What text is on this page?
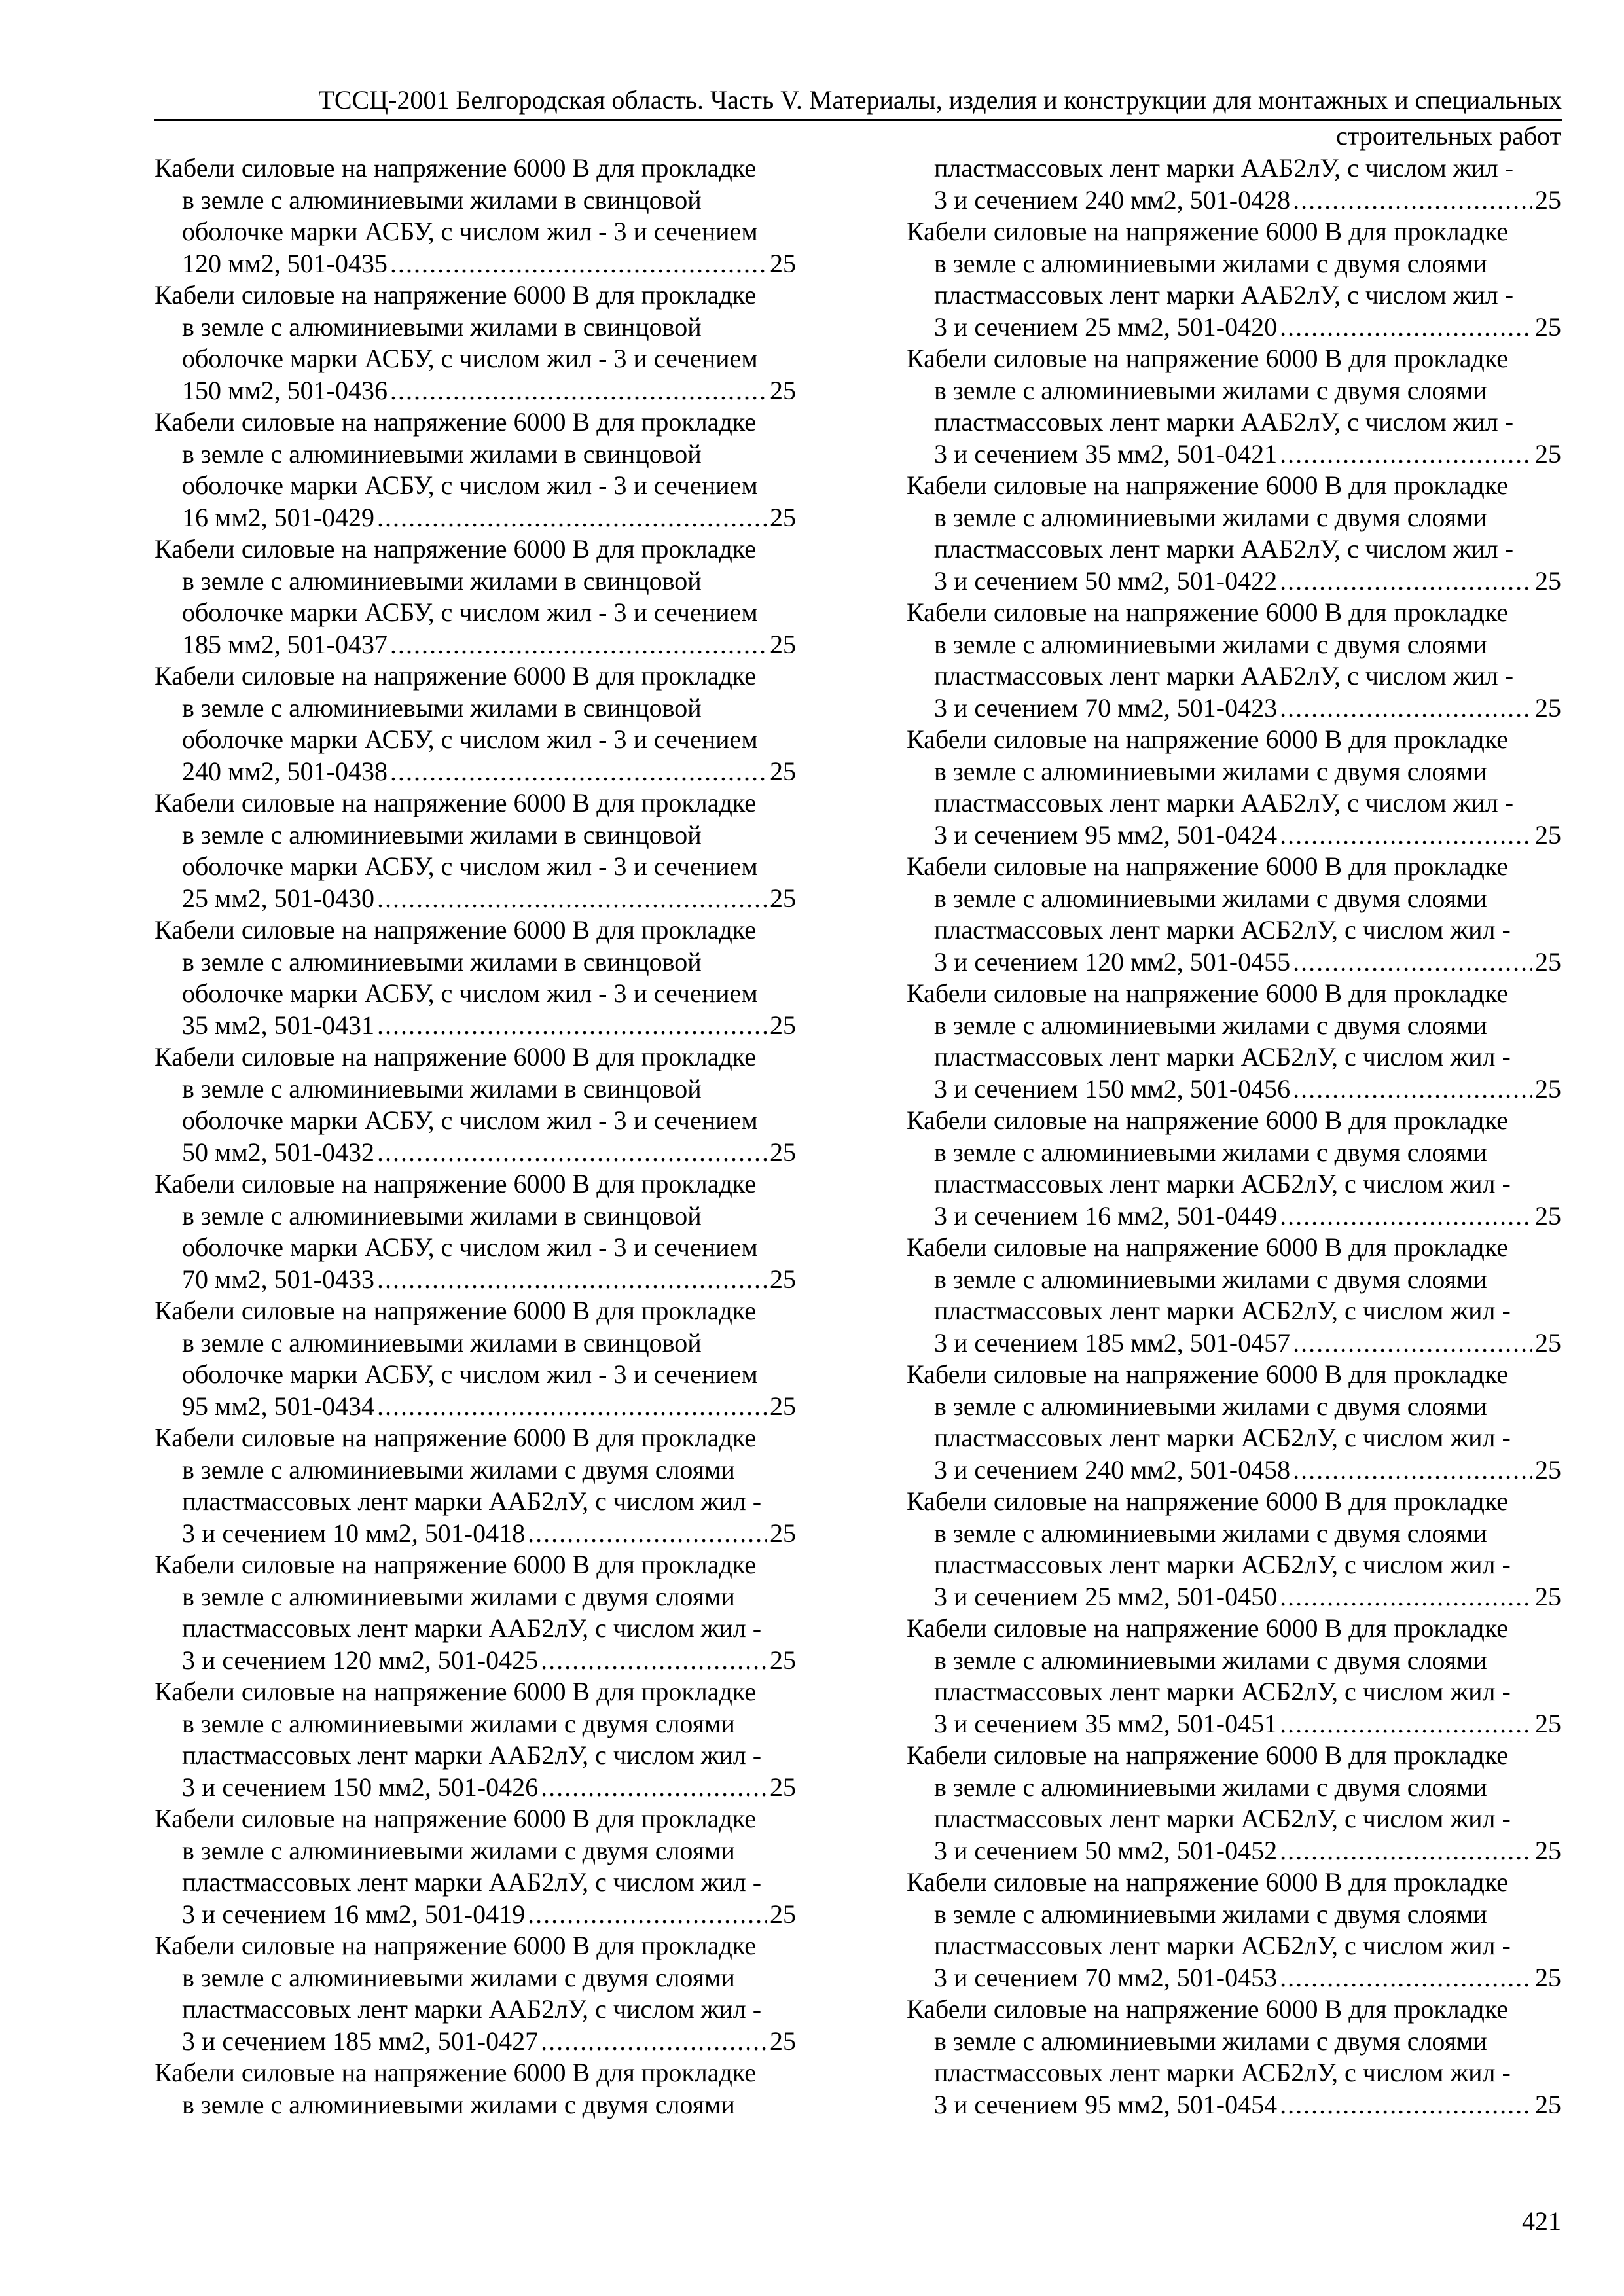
ТССЦ-2001 Белгородская область. Часть V. Материалы, изделия и конструкции для монтажных и специальных
строительных работ
Кабели силовые на напряжение 6000 В для прокладке
в земле с алюминиевыми жилами в свинцовой
оболочке марки АСБУ, с числом жил - 3 и сечением
120 мм2, 501-0435 .....	25
Кабели силовые на напряжение 6000 В для прокладке
в земле с алюминиевыми жилами в свинцовой
оболочке марки АСБУ, с числом жил - 3 и сечением
150 мм2, 501-0436 .....	25
Кабели силовые на напряжение 6000 В для прокладке
в земле с алюминиевыми жилами в свинцовой
оболочке марки АСБУ, с числом жил - 3 и сечением
16 мм2, 501-0429 .....	25
Кабели силовые на напряжение 6000 В для прокладке
в земле с алюминиевыми жилами в свинцовой
оболочке марки АСБУ, с числом жил - 3 и сечением
185 мм2, 501-0437 .....	25
Кабели силовые на напряжение 6000 В для прокладке
в земле с алюминиевыми жилами в свинцовой
оболочке марки АСБУ, с числом жил - 3 и сечением
240 мм2, 501-0438 .....	25
Кабели силовые на напряжение 6000 В для прокладке
в земле с алюминиевыми жилами в свинцовой
оболочке марки АСБУ, с числом жил - 3 и сечением
25 мм2, 501-0430 .....	25
Кабели силовые на напряжение 6000 В для прокладке
в земле с алюминиевыми жилами в свинцовой
оболочке марки АСБУ, с числом жил - 3 и сечением
35 мм2, 501-0431 .....	25
Кабели силовые на напряжение 6000 В для прокладке
в земле с алюминиевыми жилами в свинцовой
оболочке марки АСБУ, с числом жил - 3 и сечением
50 мм2, 501-0432 .....	25
Кабели силовые на напряжение 6000 В для прокладке
в земле с алюминиевыми жилами в свинцовой
оболочке марки АСБУ, с числом жил - 3 и сечением
70 мм2, 501-0433 .....	25
Кабели силовые на напряжение 6000 В для прокладке
в земле с алюминиевыми жилами в свинцовой
оболочке марки АСБУ, с числом жил - 3 и сечением
95 мм2, 501-0434 .....	25
Кабели силовые на напряжение 6000 В для прокладке
в земле с алюминиевыми жилами с двумя слоями
пластмассовых лент марки ААБ2лУ, с числом жил -
3 и сечением 10 мм2, 501-0418 .....	25
Кабели силовые на напряжение 6000 В для прокладке
в земле с алюминиевыми жилами с двумя слоями
пластмассовых лент марки ААБ2лУ, с числом жил -
3 и сечением 120 мм2, 501-0425 .....	25
Кабели силовые на напряжение 6000 В для прокладке
в земле с алюминиевыми жилами с двумя слоями
пластмассовых лент марки ААБ2лУ, с числом жил -
3 и сечением 150 мм2, 501-0426 .....	25
Кабели силовые на напряжение 6000 В для прокладке
в земле с алюминиевыми жилами с двумя слоями
пластмассовых лент марки ААБ2лУ, с числом жил -
3 и сечением 16 мм2, 501-0419 .....	25
Кабели силовые на напряжение 6000 В для прокладке
в земле с алюминиевыми жилами с двумя слоями
пластмассовых лент марки ААБ2лУ, с числом жил -
3 и сечением 185 мм2, 501-0427 .....	25
Кабели силовые на напряжение 6000 В для прокладке
в земле с алюминиевыми жилами с двумя слоями
пластмассовых лент марки ААБ2лУ, с числом жил -
3 и сечением 240 мм2, 501-0428 .....	25
Кабели силовые на напряжение 6000 В для прокладке
в земле с алюминиевыми жилами с двумя слоями
пластмассовых лент марки ААБ2лУ, с числом жил -
3 и сечением 25 мм2, 501-0420 .....	25
Кабели силовые на напряжение 6000 В для прокладке
в земле с алюминиевыми жилами с двумя слоями
пластмассовых лент марки ААБ2лУ, с числом жил -
3 и сечением 35 мм2, 501-0421 .....	25
Кабели силовые на напряжение 6000 В для прокладке
в земле с алюминиевыми жилами с двумя слоями
пластмассовых лент марки ААБ2лУ, с числом жил -
3 и сечением 50 мм2, 501-0422 .....	25
Кабели силовые на напряжение 6000 В для прокладке
в земле с алюминиевыми жилами с двумя слоями
пластмассовых лент марки ААБ2лУ, с числом жил -
3 и сечением 70 мм2, 501-0423 .....	25
Кабели силовые на напряжение 6000 В для прокладке
в земле с алюминиевыми жилами с двумя слоями
пластмассовых лент марки ААБ2лУ, с числом жил -
3 и сечением 95 мм2, 501-0424 .....	25
Кабели силовые на напряжение 6000 В для прокладке
в земле с алюминиевыми жилами с двумя слоями
пластмассовых лент марки АСБ2лУ, с числом жил -
3 и сечением 120 мм2, 501-0455 .....	25
Кабели силовые на напряжение 6000 В для прокладке
в земле с алюминиевыми жилами с двумя слоями
пластмассовых лент марки АСБ2лУ, с числом жил -
3 и сечением 150 мм2, 501-0456 .....	25
Кабели силовые на напряжение 6000 В для прокладке
в земле с алюминиевыми жилами с двумя слоями
пластмассовых лент марки АСБ2лУ, с числом жил -
3 и сечением 16 мм2, 501-0449 .....	25
Кабели силовые на напряжение 6000 В для прокладке
в земле с алюминиевыми жилами с двумя слоями
пластмассовых лент марки АСБ2лУ, с числом жил -
3 и сечением 185 мм2, 501-0457 .....	25
Кабели силовые на напряжение 6000 В для прокладке
в земле с алюминиевыми жилами с двумя слоями
пластмассовых лент марки АСБ2лУ, с числом жил -
3 и сечением 240 мм2, 501-0458 .....	25
Кабели силовые на напряжение 6000 В для прокладке
в земле с алюминиевыми жилами с двумя слоями
пластмассовых лент марки АСБ2лУ, с числом жил -
3 и сечением 25 мм2, 501-0450 .....	25
Кабели силовые на напряжение 6000 В для прокладке
в земле с алюминиевыми жилами с двумя слоями
пластмассовых лент марки АСБ2лУ, с числом жил -
3 и сечением 35 мм2, 501-0451 .....	25
Кабели силовые на напряжение 6000 В для прокладке
в земле с алюминиевыми жилами с двумя слоями
пластмассовых лент марки АСБ2лУ, с числом жил -
3 и сечением 50 мм2, 501-0452 .....	25
Кабели силовые на напряжение 6000 В для прокладке
в земле с алюминиевыми жилами с двумя слоями
пластмассовых лент марки АСБ2лУ, с числом жил -
3 и сечением 70 мм2, 501-0453 .....	25
Кабели силовые на напряжение 6000 В для прокладке
в земле с алюминиевыми жилами с двумя слоями
пластмассовых лент марки АСБ2лУ, с числом жил -
3 и сечением 95 мм2, 501-0454 .....	25
421
